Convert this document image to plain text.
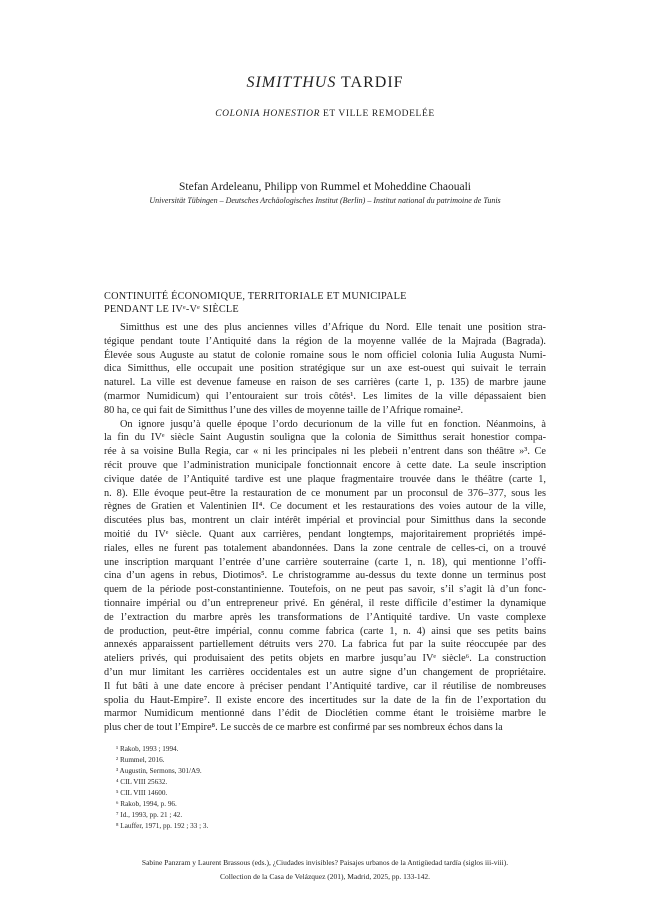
SIMITTHUS TARDIF
COLONIA HONESTIOR ET VILLE REMODELÉE
Stefan Ardeleanu, Philipp von Rummel et Moheddine Chaouali
Universität Tübingen – Deutsches Archäologisches Institut (Berlin) – Institut national du patrimoine de Tunis
CONTINUITÉ ÉCONOMIQUE, TERRITORIALE ET MUNICIPALE
PENDANT LE IVᵉ-Vᵉ SIÈCLE
Simitthus est une des plus anciennes villes d’Afrique du Nord. Elle tenait une position stra-
tégique pendant toute l’Antiquité dans la région de la moyenne vallée de la Majrada (Bagrada).
Élevée sous Auguste au statut de colonie romaine sous le nom officiel colonia Iulia Augusta Numi-
dica Simitthus, elle occupait une position stratégique sur un axe est-ouest qui suivait le terrain
naturel. La ville est devenue fameuse en raison de ses carrières (carte 1, p. 135) de marbre jaune
(marmor Numidicum) qui l’entouraient sur trois côtés¹. Les limites de la ville dépassaient bien
80 ha, ce qui fait de Simitthus l’une des villes de moyenne taille de l’Afrique romaine².
On ignore jusqu’à quelle époque l’ordo decurionum de la ville fut en fonction. Néanmoins, à
la fin du IVᵉ siècle Saint Augustin souligna que la colonia de Simitthus serait honestior compa-
rée à sa voisine Bulla Regia, car « ni les principales ni les plebeii n’entrent dans son théâtre »³. Ce
récit prouve que l’administration municipale fonctionnait encore à cette date. La seule inscription
civique datée de l’Antiquité tardive est une plaque fragmentaire trouvée dans le théâtre (carte 1,
n. 8). Elle évoque peut-être la restauration de ce monument par un proconsul de 376–377, sous les
règnes de Gratien et Valentinien II⁴. Ce document et les restaurations des voies autour de la ville,
discutées plus bas, montrent un clair intérêt impérial et provincial pour Simitthus dans la seconde
moitié du IVᵉ siècle. Quant aux carrières, pendant longtemps, majoritairement propriétés impé-
riales, elles ne furent pas totalement abandonnées. Dans la zone centrale de celles-ci, on a trouvé
une inscription marquant l’entrée d’une carrière souterraine (carte 1, n. 18), qui mentionne l’offi-
cina d’un agens in rebus, Diotimos⁵. Le christogramme au-dessus du texte donne un terminus post
quem de la période post-constantinienne. Toutefois, on ne peut pas savoir, s’il s’agit là d’un fonc-
tionnaire impérial ou d’un entrepreneur privé. En général, il reste difficile d’estimer la dynamique
de l’extraction du marbre après les transformations de l’Antiquité tardive. Un vaste complexe
de production, peut-être impérial, connu comme fabrica (carte 1, n. 4) ainsi que ses petits bains
annexés apparaissent partiellement détruits vers 270. La fabrica fut par la suite réoccupée par des
ateliers privés, qui produisaient des petits objets en marbre jusqu’au IVᵉ siècle⁶. La construction
d’un mur limitant les carrières occidentales est un autre signe d’un changement de propriétaire.
Il fut bâti à une date encore à préciser pendant l’Antiquité tardive, car il réutilise de nombreuses
spolia du Haut-Empire⁷. Il existe encore des incertitudes sur la date de la fin de l’exportation du
marmor Numidicum mentionné dans l’édit de Dioclétien comme étant le troisième marbre le
plus cher de tout l’Empire⁸. Le succès de ce marbre est confirmé par ses nombreux échos dans la
¹ Rakob, 1993 ; 1994.
² Rummel, 2016.
³ Augustin, Sermons, 301/A9.
⁴ CIL VIII 25632.
⁵ CIL VIII 14600.
⁶ Rakob, 1994, p. 96.
⁷ Id., 1993, pp. 21 ; 42.
⁸ Lauffer, 1971, pp. 192 ; 33 ; 3.
Sabine Panzram y Laurent Brassous (eds.), ¿Ciudades invisibles? Paisajes urbanos de la Antigüedad tardía (siglos iii-viii).
Collection de la Casa de Velázquez (201), Madrid, 2025, pp. 133-142.
